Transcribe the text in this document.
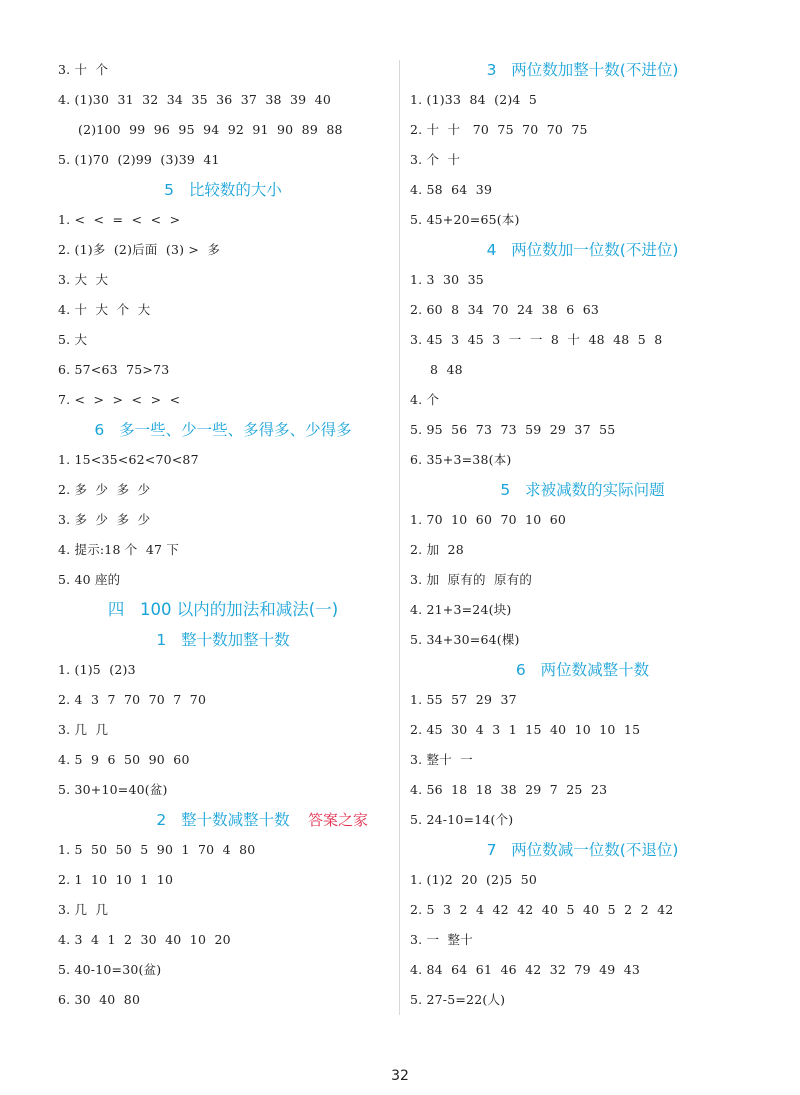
3. 十  个
4. (1)30  31  32  34  35  36  37  38  39  40
(2)100  99  96  95  94  92  91  90  89  88
5. (1)70  (2)99  (3)39  41
5   比较数的大小
1. <  <  =  <  <  >
2. (1)多  (2)后面  (3) >  多
3. 大  大
4. 十  大  个  大
5. 大
6. 57<63  75>73
7. <  >  >  <  >  <
6   多一些、少一些、多得多、少得多
1. 15<35<62<70<87
2. 多  少  多  少
3. 多  少  多  少
4. 提示:18 个  47 下
5. 40 座的
四   100 以内的加法和减法(一)
1   整十数加整十数
1. (1)5  (2)3
2. 4  3  7  70  70  7  70
3. 几  几
4. 5  9  6  50  90  60
5. 30+10=40(盆)
2   整十数减整十数	答案之家
1. 5  50  50  5  90  1  70  4  80
2. 1  10  10  1  10
3. 几  几
4. 3  4  1  2  30  40  10  20
5. 40-10=30(盆)
6. 30  40  80
3   两位数加整十数(不进位)
1. (1)33  84  (2)4  5
2. 十  十   70  75  70  70  75
3. 个  十
4. 58  64  39
5. 45+20=65(本)
4   两位数加一位数(不进位)
1. 3  30  35
2. 60  8  34  70  24  38  6  63
3. 45  3  45  3  一  一  8  十  48  48  5  8
8  48
4. 个
5. 95  56  73  73  59  29  37  55
6. 35+3=38(本)
5   求被减数的实际问题
1. 70  10  60  70  10  60
2. 加  28
3. 加  原有的  原有的
4. 21+3=24(块)
5. 34+30=64(棵)
6   两位数减整十数
1. 55  57  29  37
2. 45  30  4  3  1  15  40  10  10  15
3. 整十  一
4. 56  18  18  38  29  7  25  23
5. 24-10=14(个)
7   两位数减一位数(不退位)
1. (1)2  20  (2)5  50
2. 5  3  2  4  42  42  40  5  40  5  2  2  42
3. 一  整十
4. 84  64  61  46  42  32  79  49  43
5. 27-5=22(人)
32
